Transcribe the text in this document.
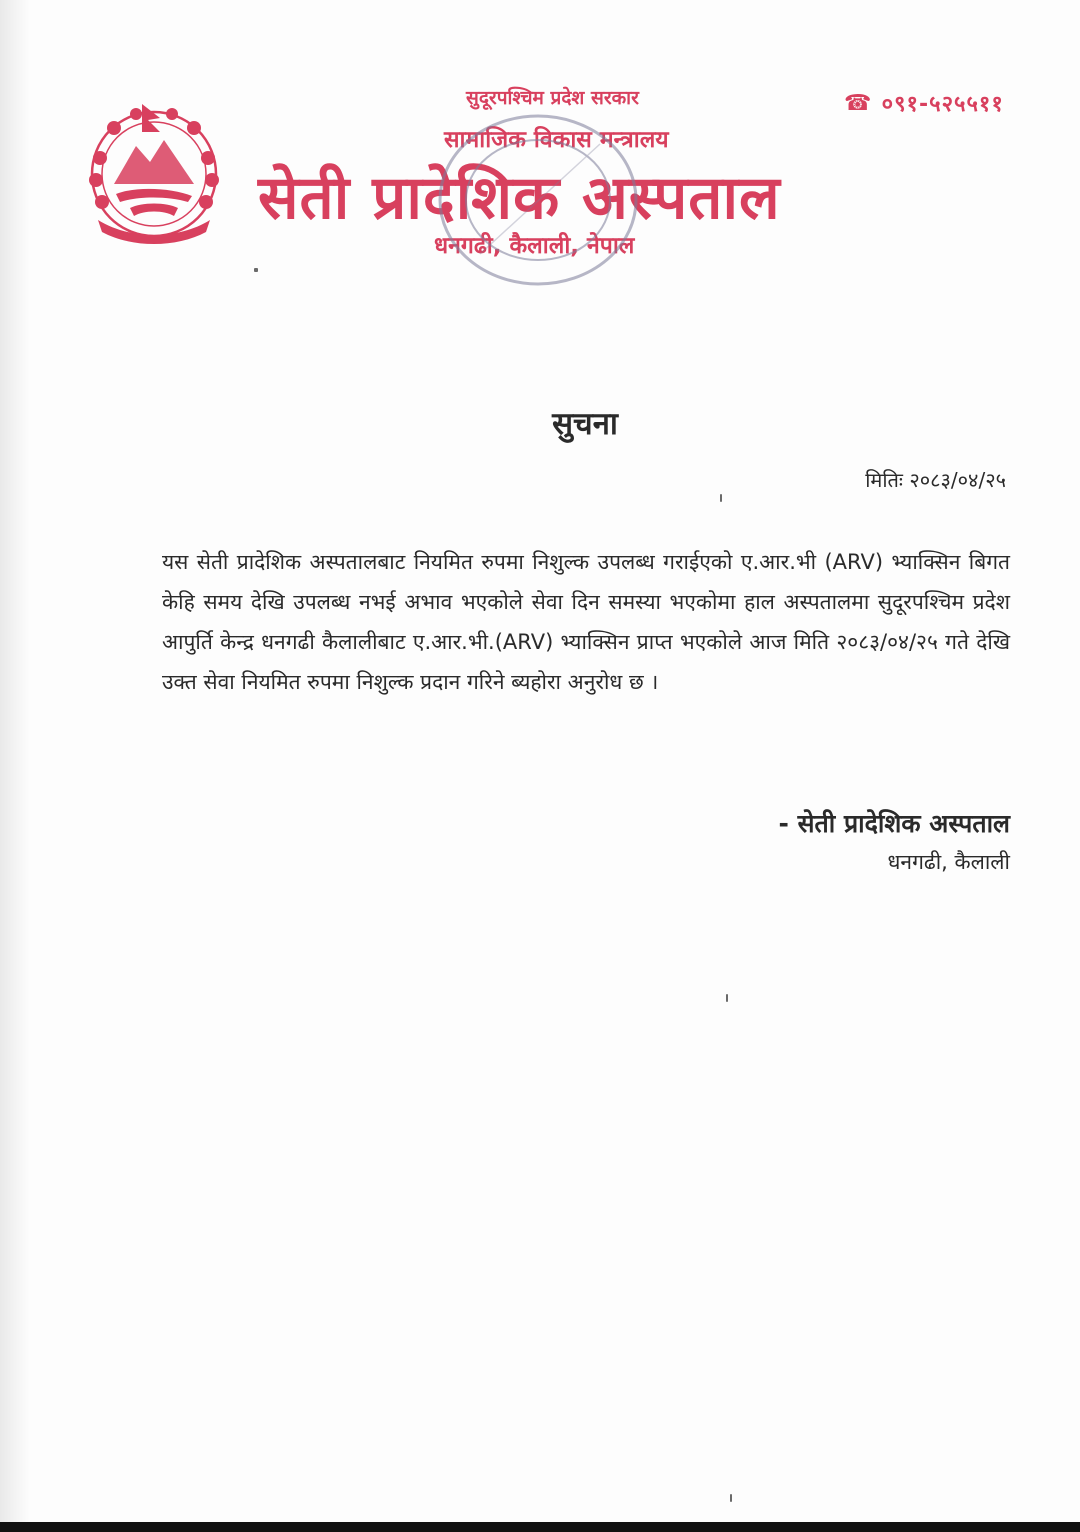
☎ ०९१-५२५५११
सुदूरपश्चिम प्रदेश सरकार
सामाजिक विकास मन्त्रालय
सेती प्रादेशिक अस्पताल
धनगढी, कैलाली, नेपाल
सुचना
मितिः २०८३/०४/२५
यस सेती प्रादेशिक अस्पतालबाट नियमित रुपमा निशुल्क उपलब्ध गराईएको ए.आर.भी (ARV) भ्याक्सिन बिगत केहि समय देखि उपलब्ध नभई अभाव भएकोले सेवा दिन समस्या भएकोमा हाल अस्पतालमा सुदूरपश्चिम प्रदेश आपुर्ति केन्द्र धनगढी कैलालीबाट ए.आर.भी.(ARV) भ्याक्सिन प्राप्त भएकोले आज मिति २०८३/०४/२५ गते देखि उक्त सेवा नियमित रुपमा निशुल्क प्रदान गरिने ब्यहोरा अनुरोध छ ।
- सेती प्रादेशिक अस्पताल
धनगढी, कैलाली
